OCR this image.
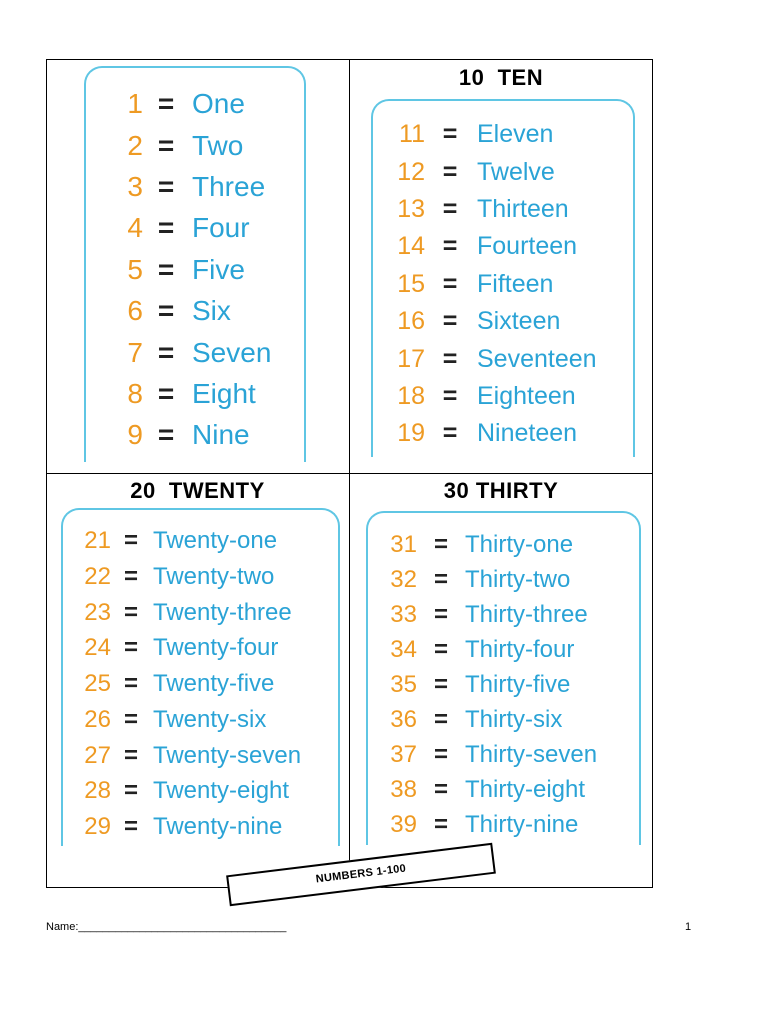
10  TEN
20  TWENTY	30 THIRTY
1 = One
2 = Two
3 = Three
4 = Four
5 = Five
6 = Six
7 = Seven
8 = Eight
9 = Nine
11 = Eleven
12 = Twelve
13 = Thirteen
14 = Fourteen
15 = Fifteen
16 = Sixteen
17 = Seventeen
18 = Eighteen
19 = Nineteen
21 = Twenty-one
22 = Twenty-two
23 = Twenty-three
24 = Twenty-four
25 = Twenty-five
26 = Twenty-six
27 = Twenty-seven
28 = Twenty-eight
29 = Twenty-nine
31 = Thirty-one
32 = Thirty-two
33 = Thirty-three
34 = Thirty-four
35 = Thirty-five
36 = Thirty-six
37 = Thirty-seven
38 = Thirty-eight
39 = Thirty-nine
NUMBERS 1-100
Name:__________________________________	1
